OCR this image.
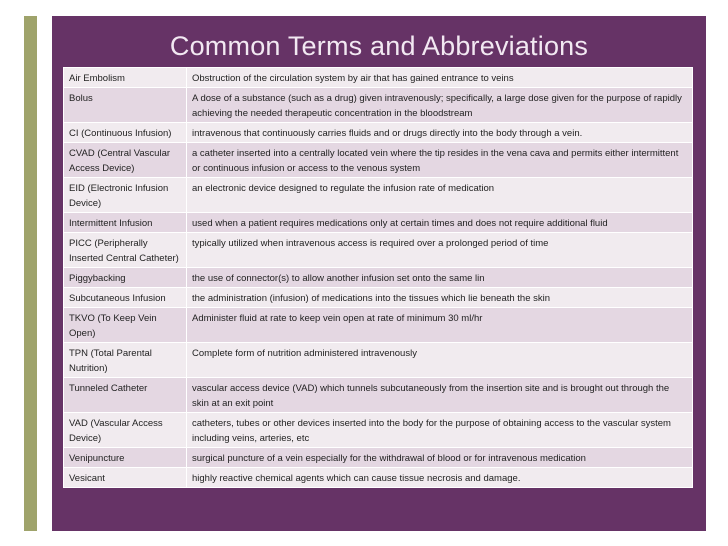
Common Terms and Abbreviations
Air Embolism	Obstruction of the circulation system by air that has gained entrance to veins
Bolus	A dose of a substance (such as a drug) given intravenously; specifically, a large dose given for the purpose of rapidly achieving the needed therapeutic concentration in the bloodstream
CI (Continuous Infusion)	intravenous that continuously carries fluids and or drugs directly into the body through a vein.
CVAD (Central Vascular Access Device)	a catheter inserted into a centrally located vein where the tip resides in the vena cava and permits either intermittent or continuous infusion or access to the venous system
EID (Electronic Infusion Device)	an electronic device designed to regulate the infusion rate of medication
Intermittent Infusion	used when a patient requires medications only at certain times and does not require additional fluid
PICC (Peripherally Inserted Central Catheter)	typically utilized when intravenous access is required over a prolonged period of time
Piggybacking	the use of connector(s) to allow another infusion set onto the same lin
Subcutaneous Infusion	the administration (infusion) of medications into the tissues which lie beneath the skin
TKVO (To Keep Vein Open)	Administer fluid at rate to keep vein open at rate of minimum 30 ml/hr
TPN (Total Parental Nutrition)	Complete form of nutrition administered intravenously
Tunneled Catheter	vascular access device (VAD) which tunnels subcutaneously from the insertion site and is brought out through the skin at an exit point
VAD (Vascular Access Device)	catheters, tubes or other devices inserted into the body for the purpose of obtaining access to the vascular system including veins, arteries, etc
Venipuncture	surgical puncture of a vein especially for the withdrawal of blood or for intravenous medication
Vesicant	highly reactive chemical agents which can cause tissue necrosis and damage.
